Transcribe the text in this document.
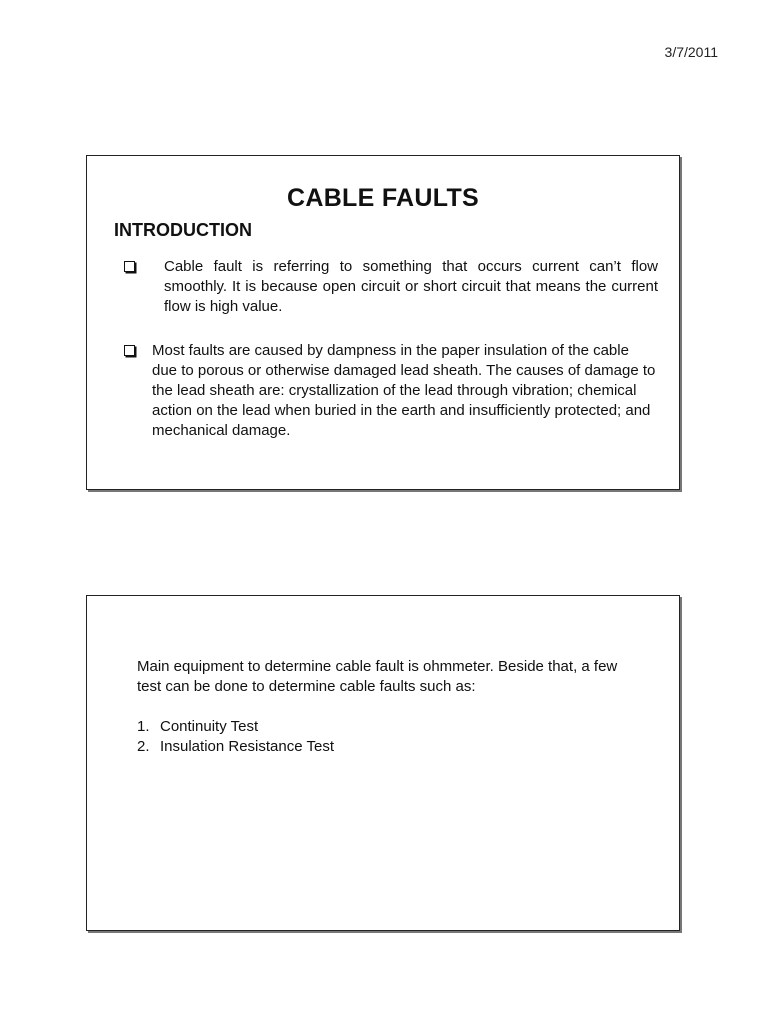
3/7/2011
CABLE FAULTS
INTRODUCTION
Cable fault is referring to something that occurs current can’t flow smoothly. It is because open circuit or short circuit that means the current flow is high value.
Most faults are caused by dampness in the paper insulation of the cable due to porous or otherwise damaged lead sheath. The causes of damage to the lead sheath are: crystallization of the lead through vibration; chemical action on the lead when buried in the earth and insufficiently protected; and mechanical damage.
Main equipment to determine cable fault is ohmmeter. Beside that, a few test can be done to determine cable faults such as:
1. Continuity Test
2. Insulation Resistance Test
